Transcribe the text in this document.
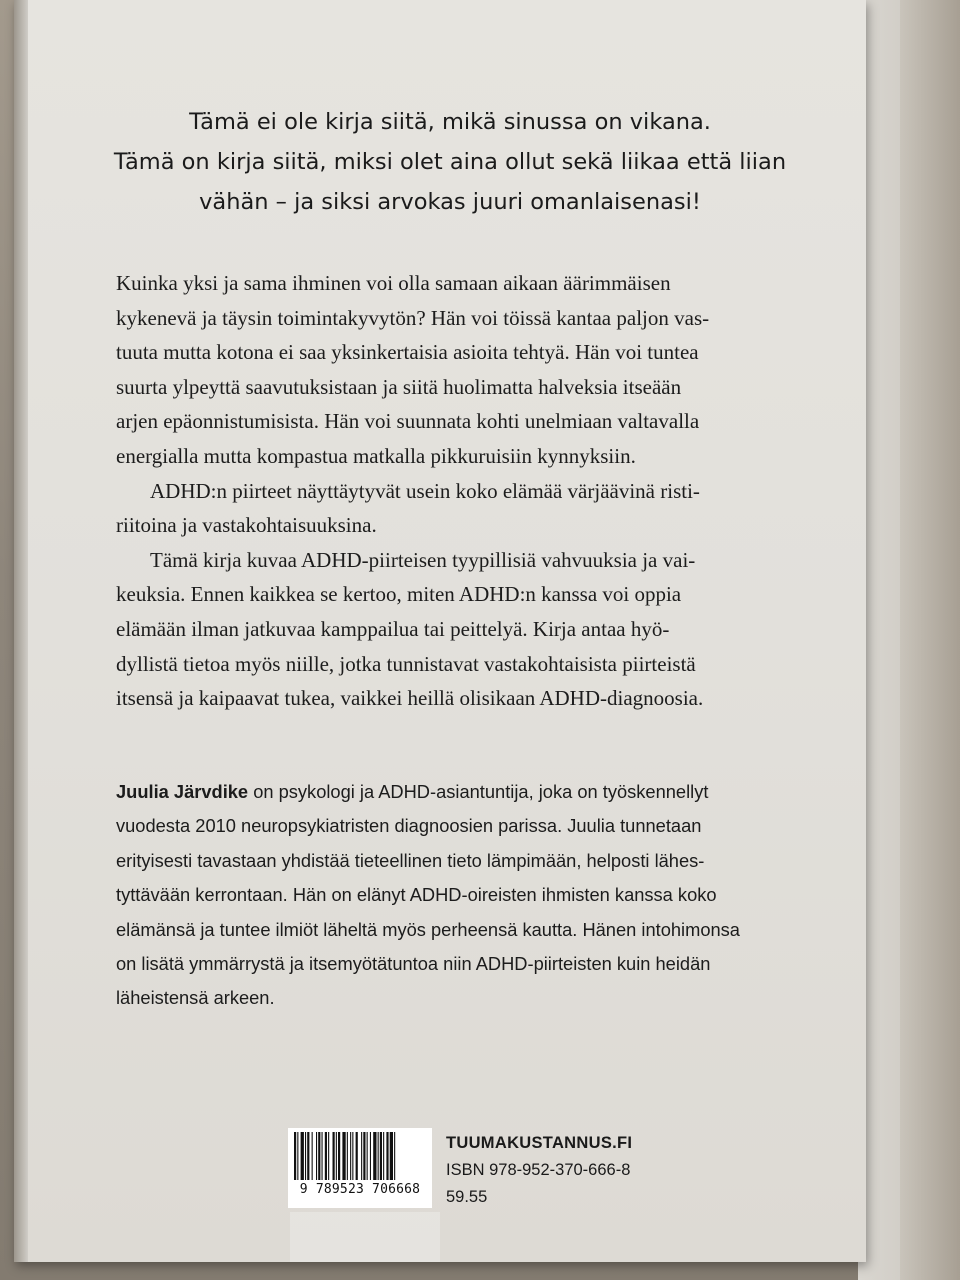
Tämä ei ole kirja siitä, mikä sinussa on vikana.
Tämä on kirja siitä, miksi olet aina ollut sekä liikaa että liian
vähän – ja siksi arvokas juuri omanlaisenasi!

Kuinka yksi ja sama ihminen voi olla samaan aikaan äärimmäisen
kykenevä ja täysin toimintakyvytön? Hän voi töissä kantaa paljon vas-
tuuta mutta kotona ei saa yksinkertaisia asioita tehtyä. Hän voi tuntea
suurta ylpeyttä saavutuksistaan ja siitä huolimatta halveksia itseään
arjen epäonnistumisista. Hän voi suunnata kohti unelmiaan valtavalla
energialla mutta kompastua matkalla pikkuruisiin kynnyksiin.

ADHD:n piirteet näyttäytyvät usein koko elämää värjäävinä risti-
riitoina ja vastakohtaisuuksina.

Tämä kirja kuvaa ADHD-piirteisen tyypillisiä vahvuuksia ja vai-
keuksia. Ennen kaikkea se kertoo, miten ADHD:n kanssa voi oppia
elämään ilman jatkuvaa kamppailua tai peittelyä. Kirja antaa hyö-
dyllistä tietoa myös niille, jotka tunnistavat vastakohtaisista piirteistä
itsensä ja kaipaavat tukea, vaikkei heillä olisikaan ADHD-diagnoosia.

Juulia Järvdike on psykologi ja ADHD-asiantuntija, joka on työskennellyt
vuodesta 2010 neuropsykiatristen diagnoosien parissa. Juulia tunnetaan
erityisesti tavastaan yhdistää tieteellinen tieto lämpimään, helposti lähes-
tyttävään kerrontaan. Hän on elänyt ADHD-oireisten ihmisten kanssa koko
elämänsä ja tuntee ilmiöt läheltä myös perheensä kautta. Hänen intohimonsa
on lisätä ymmärrystä ja itsemyötätuntoa niin ADHD-piirteisten kuin heidän
läheistensä arkeen.
9 789523 706668
TUUMAKUSTANNUS.FI
ISBN 978-952-370-666-8
59.55
